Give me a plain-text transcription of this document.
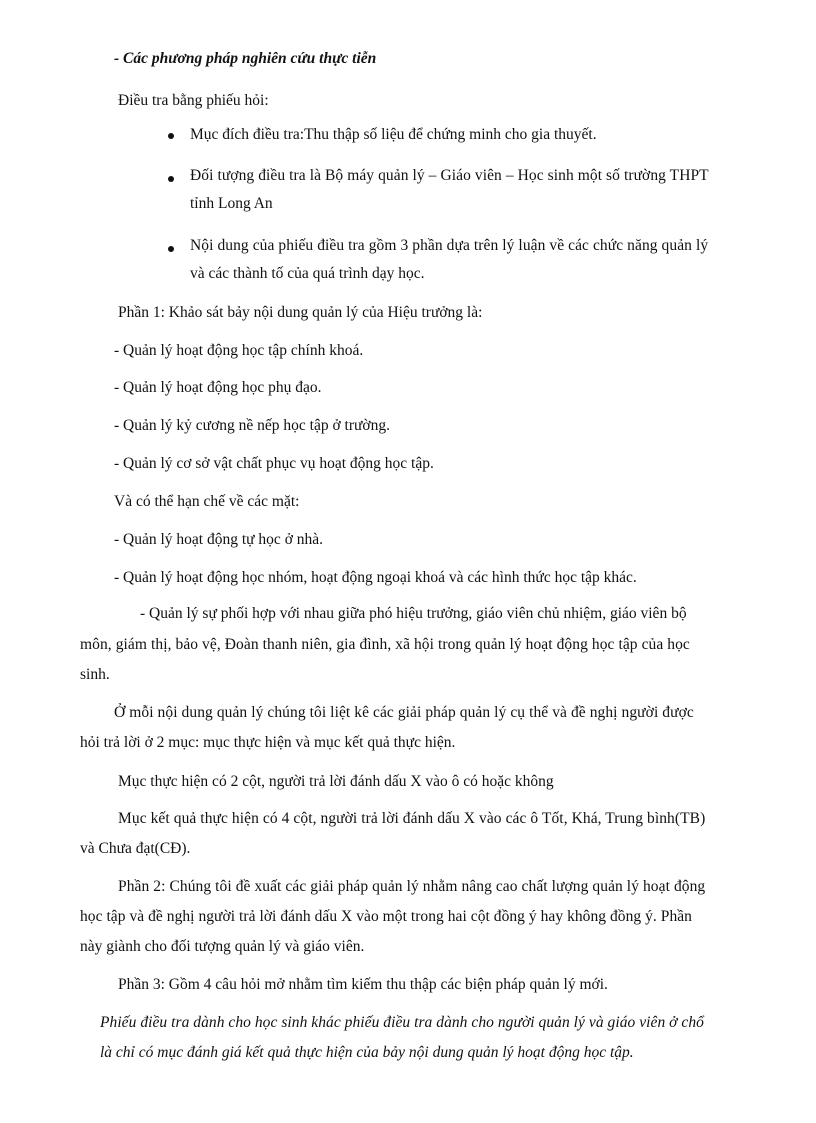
- Các phương pháp nghiên cứu thực tiễn
Điều tra bằng phiếu hỏi:
Mục đích điều tra:Thu thập số liệu để chứng minh cho gia thuyết.
Đối tượng điều tra là Bộ máy quản lý – Giáo viên – Học sinh một số trường THPT
tỉnh Long An
Nội dung của phiếu điều tra gồm 3 phần dựa trên lý luận về các chức năng quản lý
và các thành tố của quá trình dạy học.
Phần 1: Khảo sát bảy nội dung quản lý của Hiệu trưởng là:
- Quản lý hoạt động học tập chính khoá.
- Quản lý hoạt động học phụ đạo.
- Quản lý kỷ cương nề nếp học tập ở trường.
- Quản lý cơ sở vật chất phục vụ hoạt động học tập.
Và có thể hạn chế về các mặt:
- Quản lý hoạt động tự học ở nhà.
- Quản lý hoạt động học nhóm, hoạt động ngoại khoá và các hình thức học tập khác.
- Quản lý sự phối hợp với nhau giữa phó hiệu trưởng, giáo viên chủ nhiệm, giáo viên bộ
môn, giám thị, bảo vệ, Đoàn thanh niên, gia đình, xã hội trong quản lý hoạt động học tập của học
sinh.
Ở mỗi nội dung quản lý chúng tôi liệt kê các giải pháp quản lý cụ thể và đề nghị người được
hỏi trả lời ở 2 mục: mục thực hiện và mục kết quả thực hiện.
Mục thực hiện có 2 cột, người trả lời đánh dấu X vào ô có hoặc không
Mục kết quả thực hiện có 4 cột, người trả lời đánh dấu X vào các ô Tốt, Khá, Trung bình(TB)
và Chưa đạt(CĐ).
Phần 2: Chúng tôi đề xuất các giải pháp quản lý nhằm nâng cao chất lượng quản lý hoạt động
học tập và đề nghị người trả lời đánh dấu X vào một trong hai cột đồng ý hay không đồng ý. Phần
này giành cho đối tượng quản lý và giáo viên.
Phần 3: Gồm 4 câu hỏi mở nhằm tìm kiếm thu thập các biện pháp quản lý mới.
Phiếu điều tra dành cho học sinh khác phiếu điều tra dành cho người quản lý và giáo viên ở chổ
là chỉ có mục đánh giá kết quả thực hiện của bảy nội dung quản lý hoạt động học tập.
